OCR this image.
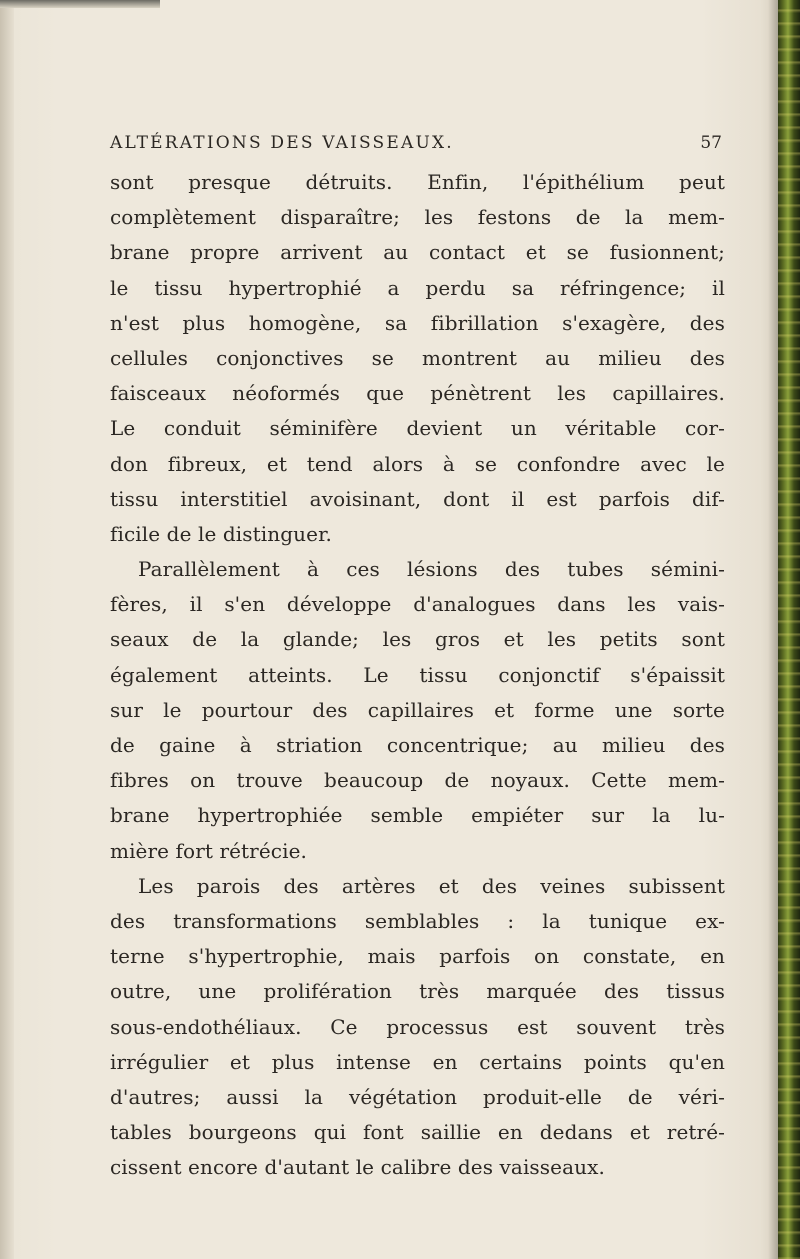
ALTÉRATIONS DES VAISSEAUX.	57
sont presque détruits. Enfin, l'épithélium peut
complètement disparaître; les festons de la mem-
brane propre arrivent au contact et se fusionnent;
le tissu hypertrophié a perdu sa réfringence; il
n'est plus homogène, sa fibrillation s'exagère, des
cellules conjonctives se montrent au milieu des
faisceaux néoformés que pénètrent les capillaires.
Le conduit séminifère devient un véritable cor-
don fibreux, et tend alors à se confondre avec le
tissu interstitiel avoisinant, dont il est parfois dif-
ficile de le distinguer.
Parallèlement à ces lésions des tubes sémini-
fères, il s'en développe d'analogues dans les vais-
seaux de la glande; les gros et les petits sont
également atteints. Le tissu conjonctif s'épaissit
sur le pourtour des capillaires et forme une sorte
de gaine à striation concentrique; au milieu des
fibres on trouve beaucoup de noyaux. Cette mem-
brane hypertrophiée semble empiéter sur la lu-
mière fort rétrécie.
Les parois des artères et des veines subissent
des transformations semblables : la tunique ex-
terne s'hypertrophie, mais parfois on constate, en
outre, une prolifération très marquée des tissus
sous-endothéliaux. Ce processus est souvent très
irrégulier et plus intense en certains points qu'en
d'autres; aussi la végétation produit-elle de véri-
tables bourgeons qui font saillie en dedans et retré-
cissent encore d'autant le calibre des vaisseaux.
